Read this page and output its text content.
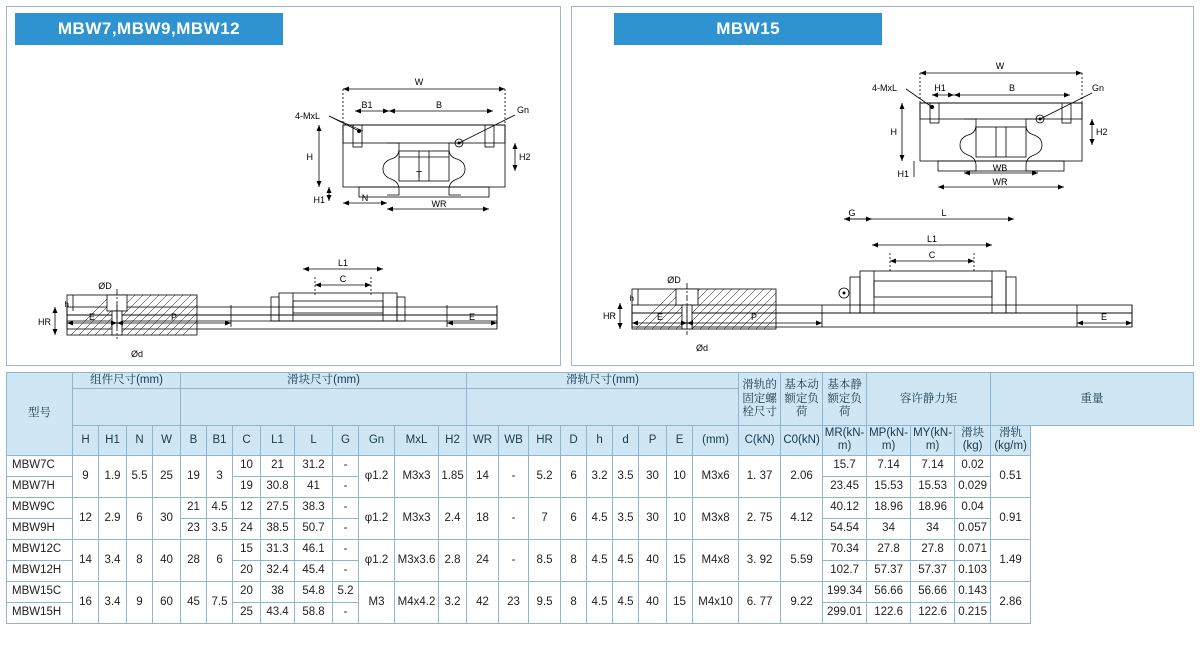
MBW7,MBW9,MBW12
W
B1	B
4-MxL
Gn
H
H1
H2
N
WR
T
L1
C
ØD
HR
h
Ød
E	P	E
MBW15
W
H1	B
4-MxL	Gn
H
H1
H2
WB
WR
G	L
L1
C
ØD
Ød
HR
h
E	P	E
型号	组件尺寸(mm)				滑块尺寸(mm)									滑轨尺寸(mm)									滑轨的固定螺栓尺寸	基本动额定负荷	基本静额定负荷	容许静力矩			重量

	H	H1	N	W	B	B1	C	L1	L	G	Gn	MxL	H2	WR	WB	HR	D	h	d	P	E	(mm)	C(kN)	C0(kN)	MR(kN-m)	MP(kN-m)	MY(kN-m)	滑块(kg)	滑轨(kg/m)
MBW7C	9	1.9	5.5	25	19	3	10	21	31.2	-	φ1.2	M3x3	1.85	14	-	5.2	6	3.2	3.5	30	10	M3x6	1. 37	2.06	15.7	7.14	7.14	0.02	0.51
MBW7H							19	30.8	41	-															23.45	15.53	15.53	0.029	
MBW9C	12	2.9	6	30	21	4.5	12	27.5	38.3	-	φ1.2	M3x3	2.4	18	-	7	6	4.5	3.5	30	10	M3x8	2. 75	4.12	40.12	18.96	18.96	0.04	0.91
MBW9H					23	3.5	24	38.5	50.7	-															54.54	34	34	0.057	
MBW12C	14	3.4	8	40	28	6	15	31.3	46.1	-	φ1.2	M3x3.6	2.8	24	-	8.5	8	4.5	4.5	40	15	M4x8	3. 92	5.59	70.34	27.8	27.8	0.071	1.49
MBW12H							20	32.4	45.4	-															102.7	57.37	57.37	0.103	
MBW15C	16	3.4	9	60	45	7.5	20	38	54.8	5.2	M3	M4x4.2	3.2	42	23	9.5	8	4.5	4.5	40	15	M4x10	6. 77	9.22	199.34	56.66	56.66	0.143	2.86
MBW15H							25	43.4	58.8	-															299.01	122.6	122.6	0.215	
